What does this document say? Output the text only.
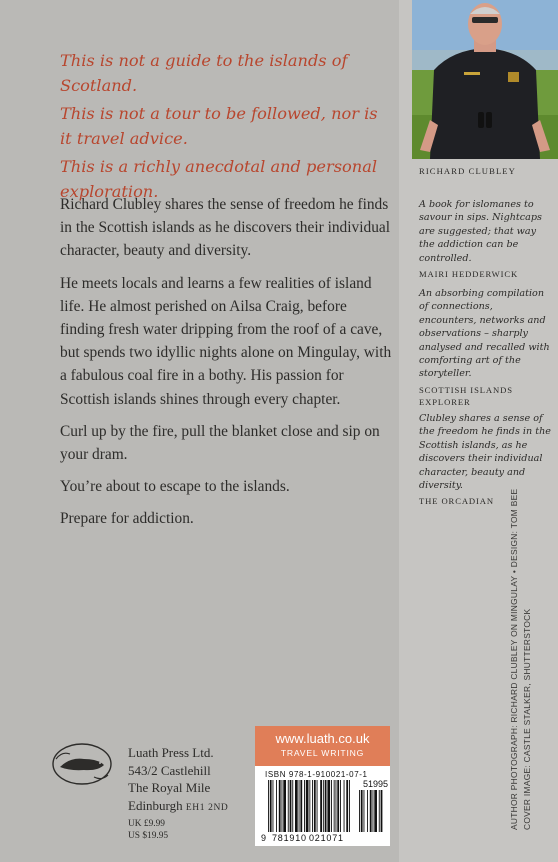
This is not a guide to the islands of Scotland.

This is not a tour to be followed, nor is it travel advice.

This is a richly anecdotal and personal exploration.

Richard Clubley shares the sense of freedom he finds in the Scottish islands as he discovers their individual character, beauty and diversity.

He meets locals and learns a few realities of island life. He almost perished on Ailsa Craig, before finding fresh water dripping from the roof of a cave, but spends two idyllic nights alone on Mingulay, with a fabulous coal fire in a bothy. His passion for Scottish islands shines through every chapter.

Curl up by the fire, pull the blanket close and sip on your dram.

You’re about to escape to the islands.

Prepare for addiction.

RICHARD CLUBLEY
A book for islomanes to savour in sips. Nightcaps are suggested; that way the addiction can be controlled.
MAIRI HEDDERWICK
An absorbing compilation of connections, encounters, networks and observations – sharply analysed and recalled with comforting art of the storyteller.
SCOTTISH ISLANDS EXPLORER
Clubley shares a sense of the freedom he finds in the Scottish islands, as he discovers their individual character, beauty and diversity.
THE ORCADIAN	AUTHOR PHOTOGRAPH: RICHARD CLUBLEY ON MINGULAY • DESIGN: TOM BEE COVER IMAGE: CASTLE STALKER, SHUTTERSTOCK
Luath Press Ltd.
543/2 Castlehill
The Royal Mile
Edinburgh EH1 2ND
UK £9.99
US $19.95
www.luath.co.uk
TRAVEL WRITING
ISBN 978-1-910021-07-1
51995
9 781910 021071
